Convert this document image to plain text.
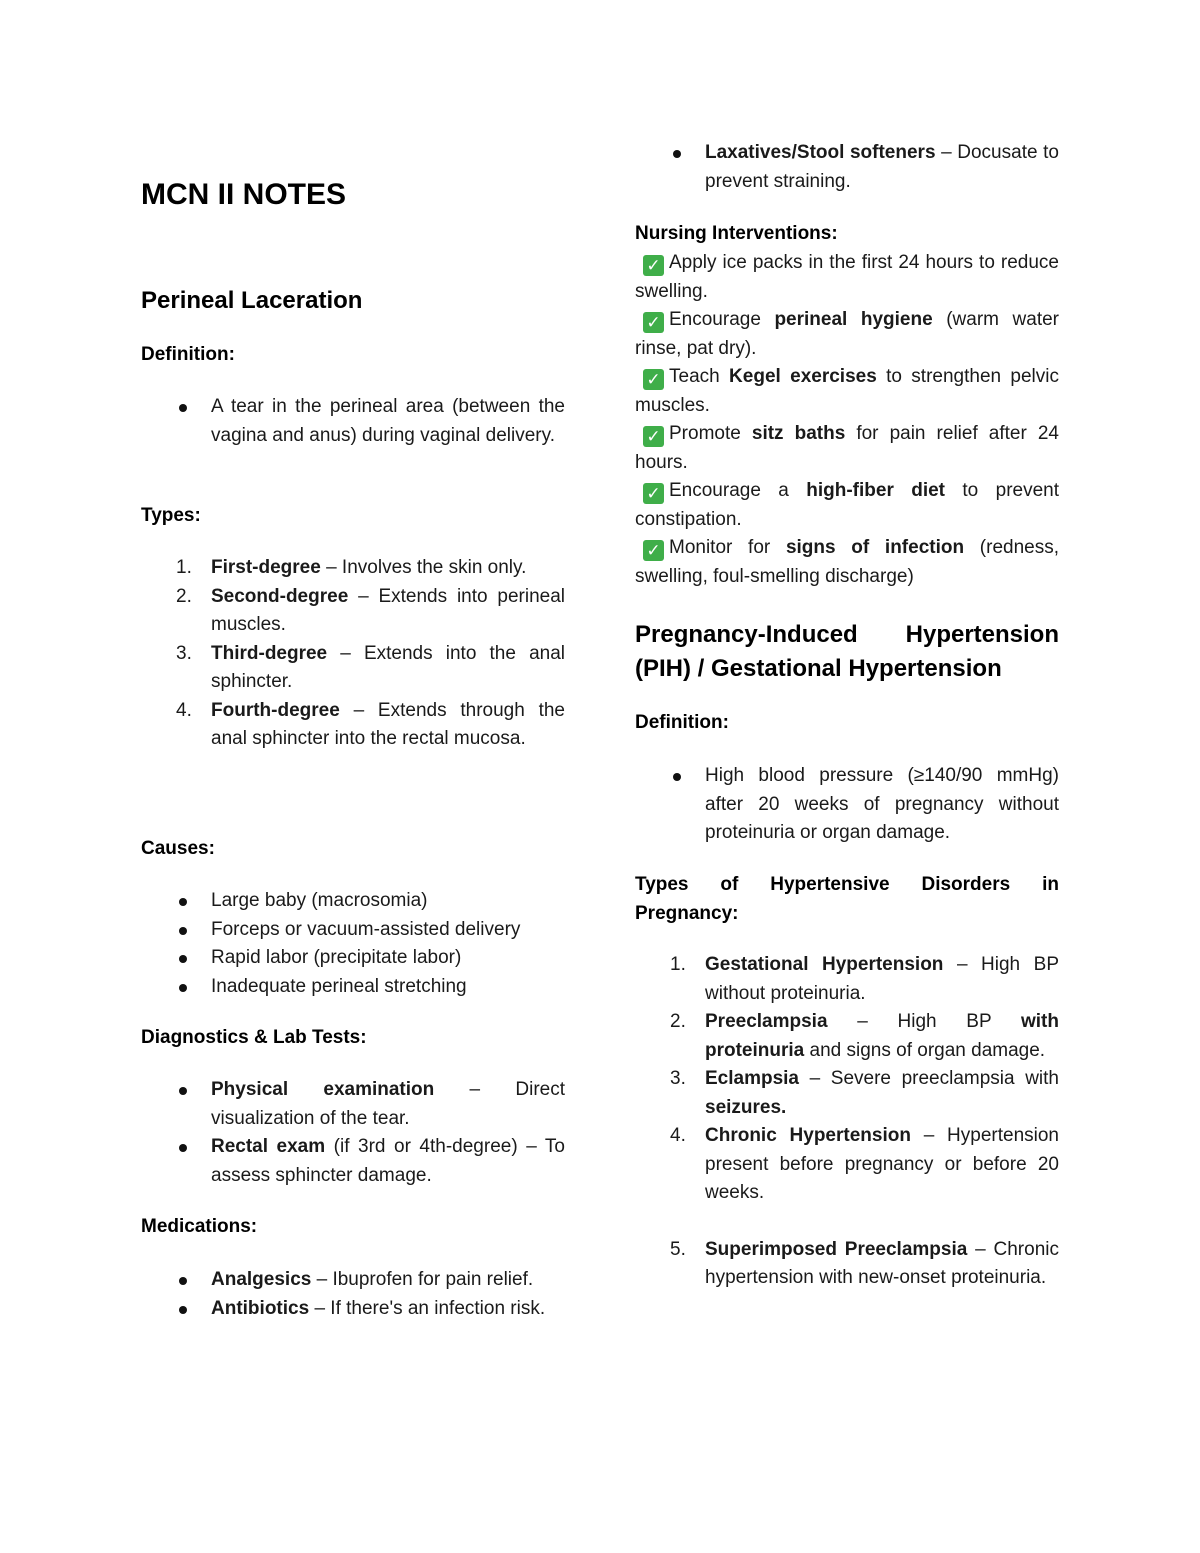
MCN II NOTES
Perineal Laceration
Definition:
A tear in the perineal area (between the vagina and anus) during vaginal delivery.
Types:
1. First-degree – Involves the skin only.
2. Second-degree – Extends into perineal muscles.
3. Third-degree – Extends into the anal sphincter.
4. Fourth-degree – Extends through the anal sphincter into the rectal mucosa.
Causes:
Large baby (macrosomia)
Forceps or vacuum-assisted delivery
Rapid labor (precipitate labor)
Inadequate perineal stretching
Diagnostics & Lab Tests:
Physical examination – Direct visualization of the tear.
Rectal exam (if 3rd or 4th-degree) – To assess sphincter damage.
Medications:
Analgesics – Ibuprofen for pain relief.
Antibiotics – If there's an infection risk.
Laxatives/Stool softeners – Docusate to prevent straining.
Nursing Interventions:
✓ Apply ice packs in the first 24 hours to reduce swelling.
✓ Encourage perineal hygiene (warm water rinse, pat dry).
✓ Teach Kegel exercises to strengthen pelvic muscles.
✓ Promote sitz baths for pain relief after 24 hours.
✓ Encourage a high-fiber diet to prevent constipation.
✓ Monitor for signs of infection (redness, swelling, foul-smelling discharge)
Pregnancy-Induced Hypertension
(PIH) / Gestational Hypertension
Definition:
High blood pressure (≥140/90 mmHg) after 20 weeks of pregnancy without proteinuria or organ damage.
Types of Hypertensive Disorders in
Pregnancy:
1. Gestational Hypertension – High BP without proteinuria.
2. Preeclampsia – High BP with proteinuria and signs of organ damage.
3. Eclampsia – Severe preeclampsia with seizures.
4. Chronic Hypertension – Hypertension present before pregnancy or before 20 weeks.
5. Superimposed Preeclampsia – Chronic hypertension with new-onset proteinuria.
